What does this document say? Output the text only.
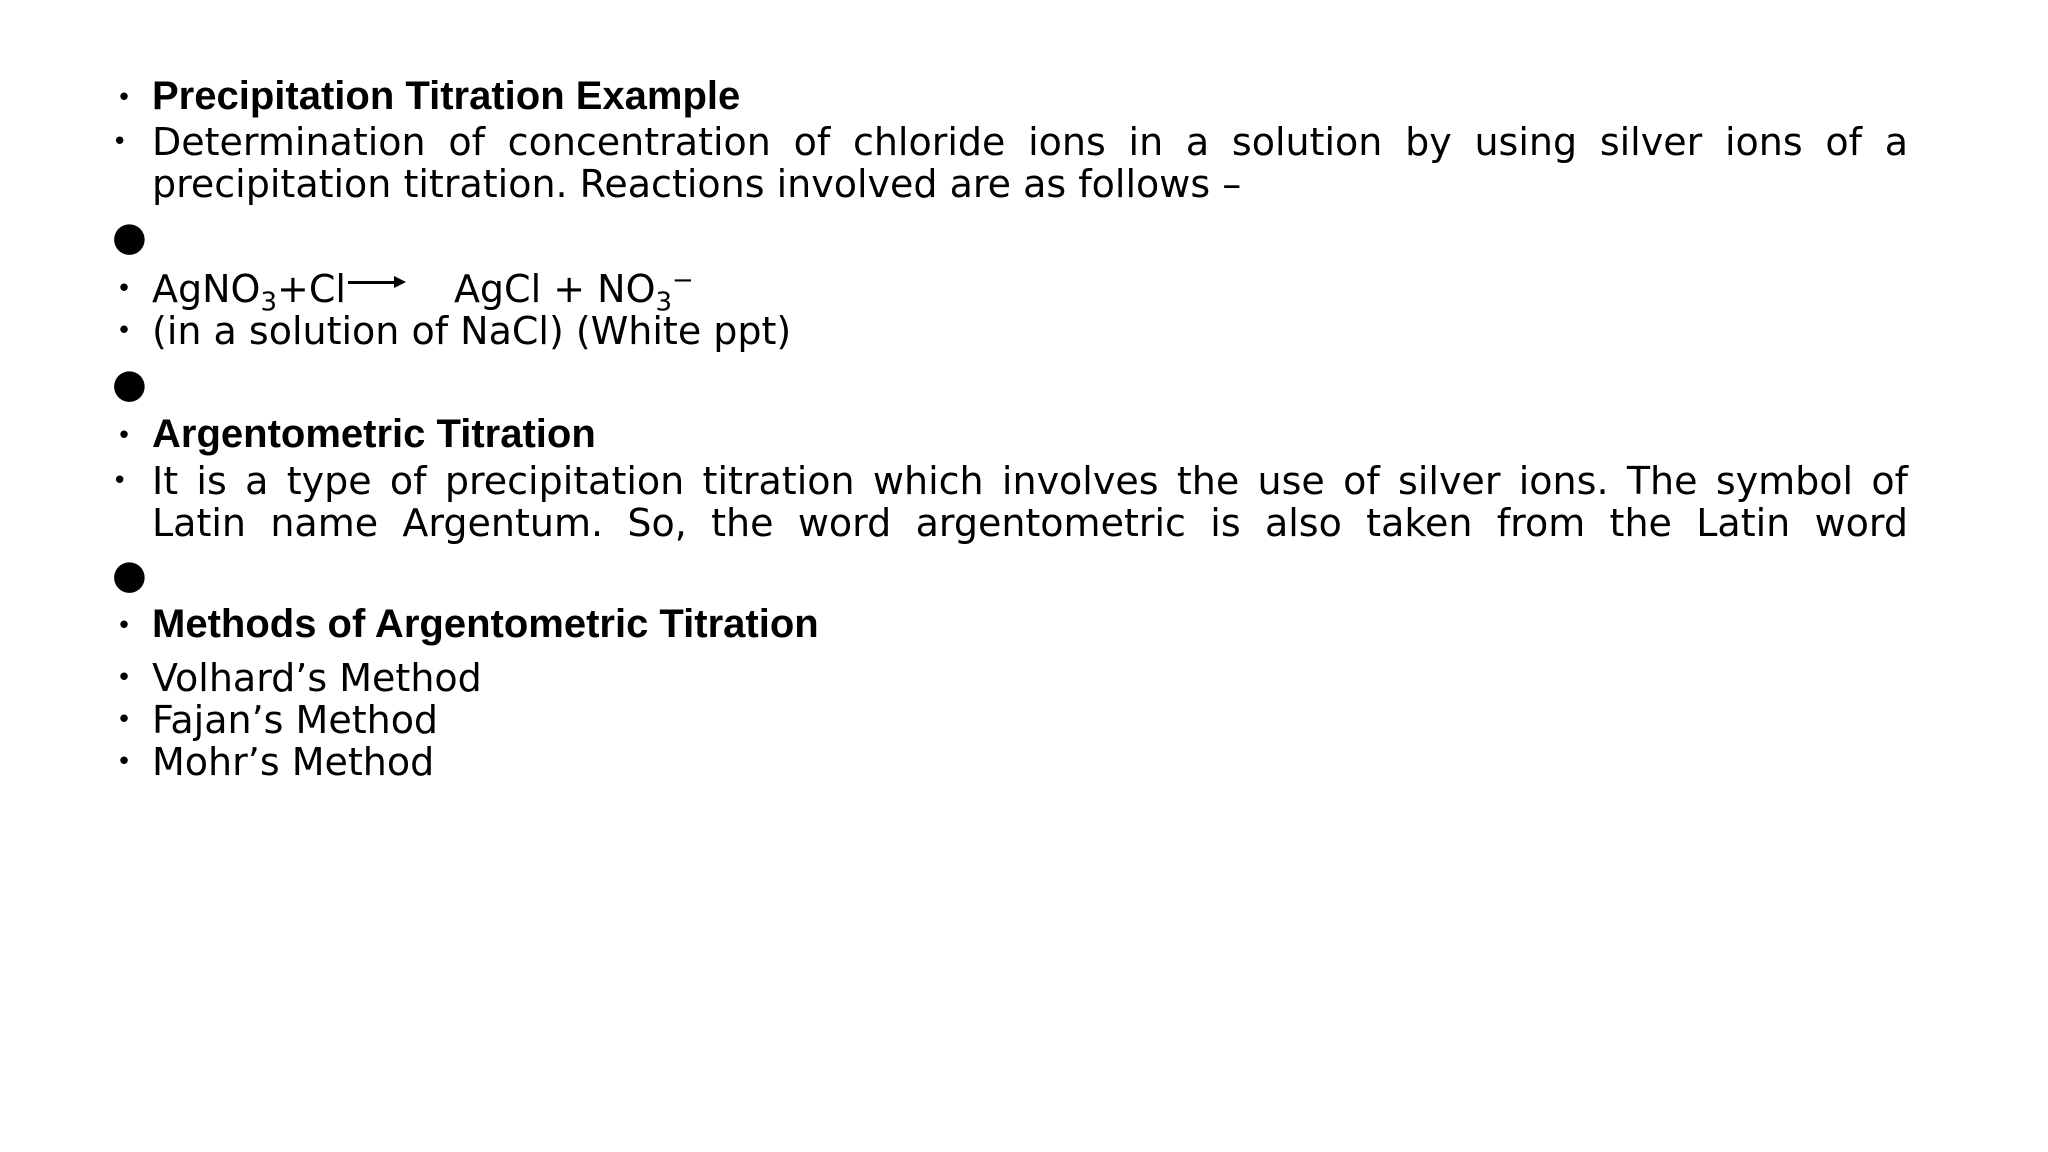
• Precipitation Titration Example
• Determination of concentration of chloride ions in a solution by using silver ions of a precipitation titration. Reactions involved are as follows –
●
• AgNO$_3$+Cl	AgCl + $NO_3^-$
• (in a solution of NaCl) (White ppt)
●
• Argentometric Titration
• It is a type of precipitation titration which involves the use of silver ions. The symbol of Latin name Argentum. So, the word argentometric is also taken from the Latin word
●
• Methods of Argentometric Titration
• Volhard’s Method
• Fajan’s Method
• Mohr’s Method
